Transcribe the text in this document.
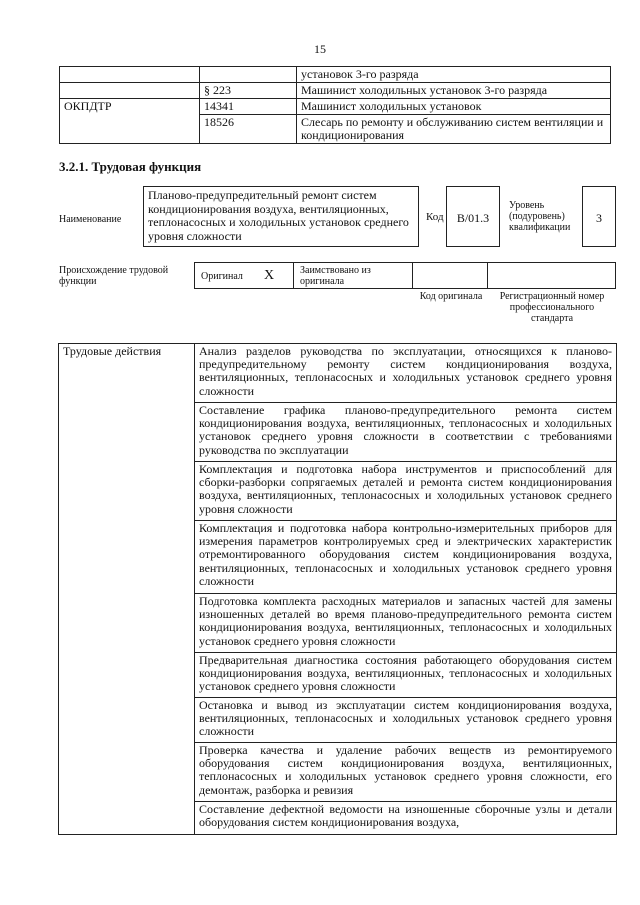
15
		установок 3-го разряда
	§ 223	Машинист холодильных установок 3-го разряда
ОКПДТР	14341	Машинист холодильных установок
	18526	Слесарь по ремонту и обслуживанию систем вентиляции и кондиционирования
3.2.1. Трудовая функция
Наименование
Планово-предупредительный ремонт систем кондиционирования воздуха, вентиляционных, теплонасосных и холодильных установок среднего уровня сложности
Код	B/01.3
Уровень (подуровень) квалификации
3
Происхождение трудовой функции	Оригинал X	Заимствовано из оригинала
Код оригинала	Регистрационный номер профессионального стандарта
Трудовые действия	Анализ разделов руководства по эксплуатации, относящихся к планово-предупредительному ремонту систем кондиционирования воздуха, вентиляционных, теплонасосных и холодильных установок среднего уровня сложности
Составление графика планово-предупредительного ремонта систем кондиционирования воздуха, вентиляционных, теплонасосных и холодильных установок среднего уровня сложности в соответствии с требованиями руководства по эксплуатации
Комплектация и подготовка набора инструментов и приспособлений для сборки-разборки сопрягаемых деталей и ремонта систем кондиционирования воздуха, вентиляционных, теплонасосных и холодильных установок среднего уровня сложности
Комплектация и подготовка набора контрольно-измерительных приборов для измерения параметров контролируемых сред и электрических характеристик отремонтированного оборудования систем кондиционирования воздуха, вентиляционных, теплонасосных и холодильных установок среднего уровня сложности
Подготовка комплекта расходных материалов и запасных частей для замены изношенных деталей во время планово-предупредительного ремонта систем кондиционирования воздуха, вентиляционных, теплонасосных и холодильных установок среднего уровня сложности
Предварительная диагностика состояния работающего оборудования систем кондиционирования воздуха, вентиляционных, теплонасосных и холодильных установок среднего уровня сложности
Остановка и вывод из эксплуатации систем кондиционирования воздуха, вентиляционных, теплонасосных и холодильных установок среднего уровня сложности
Проверка качества и удаление рабочих веществ из ремонтируемого оборудования систем кондиционирования воздуха, вентиляционных, теплонасосных и холодильных установок среднего уровня сложности, его демонтаж, разборка и ревизия
Составление дефектной ведомости на изношенные сборочные узлы и детали оборудования систем кондиционирования воздуха,
